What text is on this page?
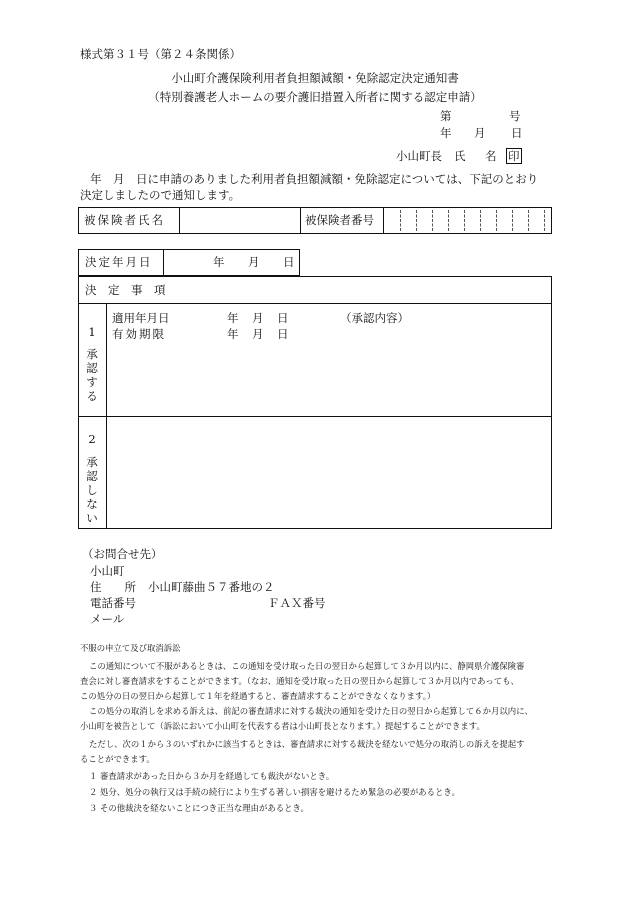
様式第３１号（第２４条関係）
小山町介護保険利用者負担額減額・免除認定決定通知書
（特別養護老人ホームの要介護旧措置入所者に関する認定申請）
第	号
年 月 日
小山町長 氏 名 印
年　月　日に申請のありました利用者負担額減額・免除認定については、下記のとおり
決定しましたので通知します。
被保険者氏名	被保険者番号
決定年月日	年 月 日
決　定　事　項
1
承認する
適用年月日	年 月 日	（承認内容）
有効期限	年 月 日
2
承認しない
（お問合せ先）
小山町
住　　所 小山町藤曲５７番地の２
電話番号	ＦＡＸ番号
メール
不服の申立て及び取消訴訟
この通知について不服があるときは、この通知を受け取った日の翌日から起算して３か月以内に、静岡県介護保険審
査会に対し審査請求をすることができます。（なお、通知を受け取った日の翌日から起算して３か月以内であっても、
この処分の日の翌日から起算して１年を経過すると、審査請求することができなくなります。）
この処分の取消しを求める訴えは、前記の審査請求に対する裁決の通知を受けた日の翌日から起算して６か月以内に、
小山町を被告として（訴訟において小山町を代表する者は小山町長となります。）提起することができます。
ただし、次の１から３のいずれかに該当するときは、審査請求に対する裁決を経ないで処分の取消しの訴えを提起す
ることができます。
１ 審査請求があった日から３か月を経過しても裁決がないとき。
２ 処分、処分の執行又は手続の続行により生ずる著しい損害を避けるため緊急の必要があるとき。
３ その他裁決を経ないことにつき正当な理由があるとき。
